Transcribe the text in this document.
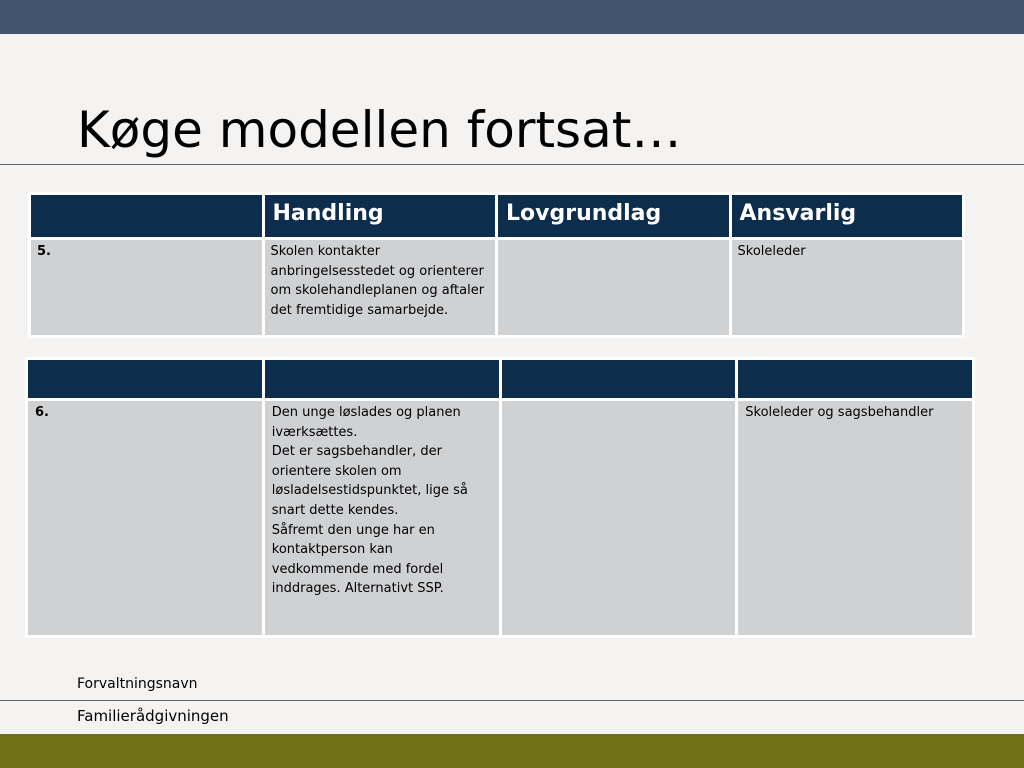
Køge modellen fortsat…
	Handling	Lovgrundlag	Ansvarlig
5.	Skolen kontakter anbringelsesstedet og orienterer om skolehandleplanen og aftaler det fremtidige samarbejde.		Skoleleder

6.	Den unge løslades og planen iværksættes.
Det er sagsbehandler, der orientere skolen om løsladelsestidspunktet, lige så snart dette kendes.
Såfremt den unge har en kontaktperson kan vedkommende med fordel inddrages. Alternativt SSP.		Skoleleder og sagsbehandler
Forvaltningsnavn
Familierådgivningen
